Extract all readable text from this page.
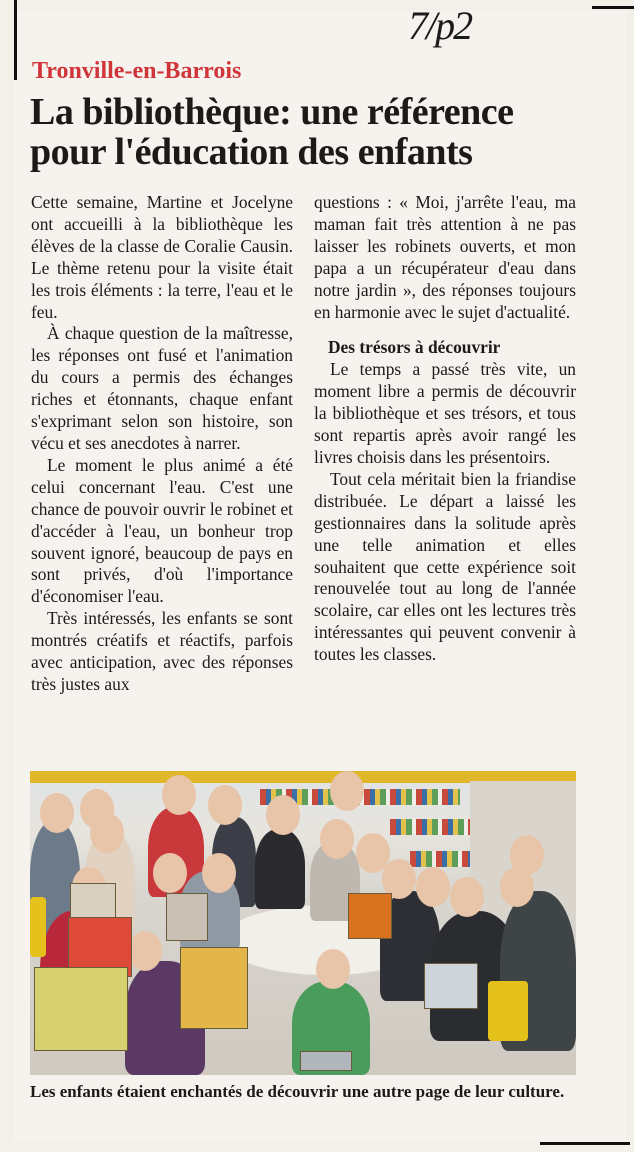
7/p2
Tronville-en-Barrois
La bibliothèque: une référence pour l'éducation des enfants

Cette semaine, Martine et Jocelyne ont accueilli à la bibliothèque les élèves de la classe de Coralie Causin. Le thème retenu pour la visite était les trois éléments : la terre, l'eau et le feu.

À chaque question de la maîtresse, les réponses ont fusé et l'animation du cours a permis des échanges riches et étonnants, chaque enfant s'exprimant selon son histoire, son vécu et ses anecdotes à narrer.

Le moment le plus animé a été celui concernant l'eau. C'est une chance de pouvoir ouvrir le robinet et d'accéder à l'eau, un bonheur trop souvent ignoré, beaucoup de pays en sont privés, d'où l'importance d'économiser l'eau.

Très intéressés, les enfants se sont montrés créatifs et réactifs, parfois avec anticipation, avec des réponses très justes aux

questions : « Moi, j'arrête l'eau, ma maman fait très attention à ne pas laisser les robinets ouverts, et mon papa a un récupérateur d'eau dans notre jardin », des réponses toujours en harmonie avec le sujet d'actualité.

Des trésors à découvrir

Le temps a passé très vite, un moment libre a permis de découvrir la bibliothèque et ses trésors, et tous sont repartis après avoir rangé les livres choisis dans les présentoirs.

Tout cela méritait bien la friandise distribuée. Le départ a laissé les gestionnaires dans la solitude après une telle animation et elles souhaitent que cette expérience soit renouvelée tout au long de l'année scolaire, car elles ont les lectures très intéressantes qui peuvent convenir à toutes les classes.

Les enfants étaient enchantés de découvrir une autre page de leur culture.
